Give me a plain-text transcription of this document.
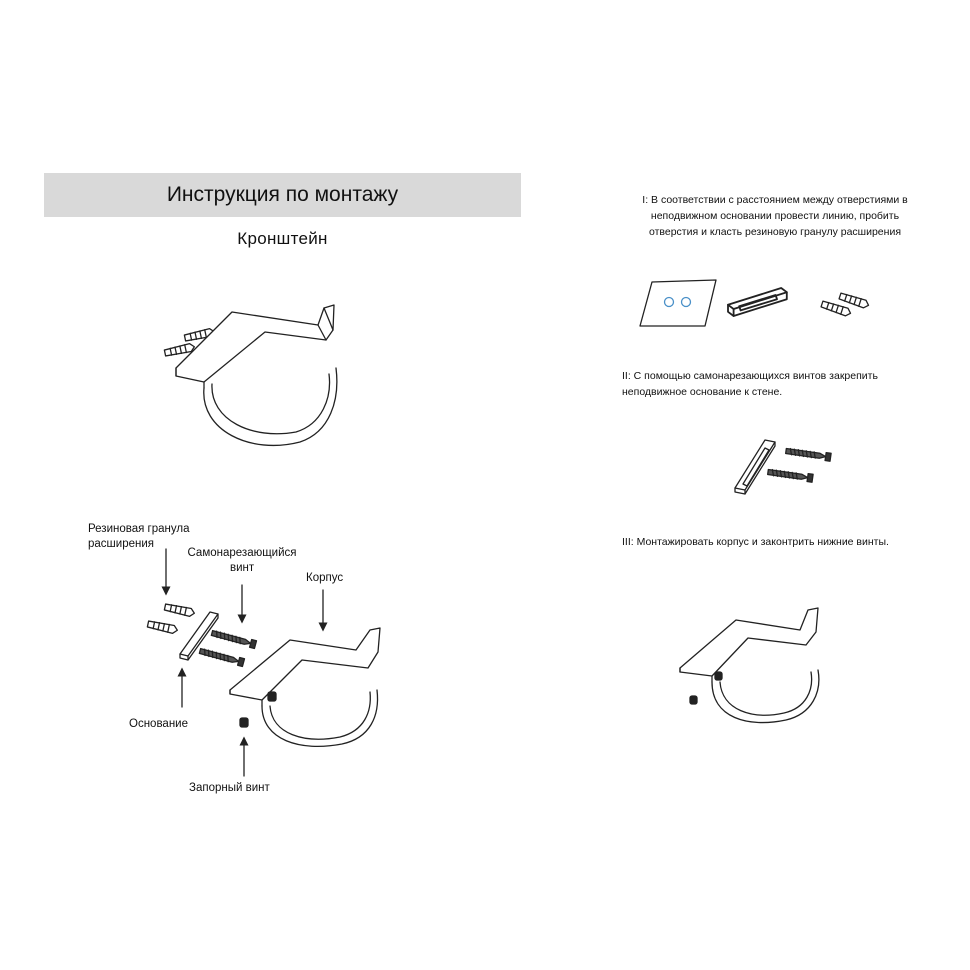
Инструкция по монтажу
Кронштейн
Резиновая гранула
расширения
Самонарезающийся
винт
Корпус
Основание
Запорный винт
I: В соответствии с расстоянием между отверстиями в
неподвижном основании провести линию, пробить
отверстия и класть резиновую гранулу расширения
II: С помощью самонарезающихся винтов закрепить
неподвижное основание к стене.
III: Монтажировать корпус и законтрить нижние винты.
